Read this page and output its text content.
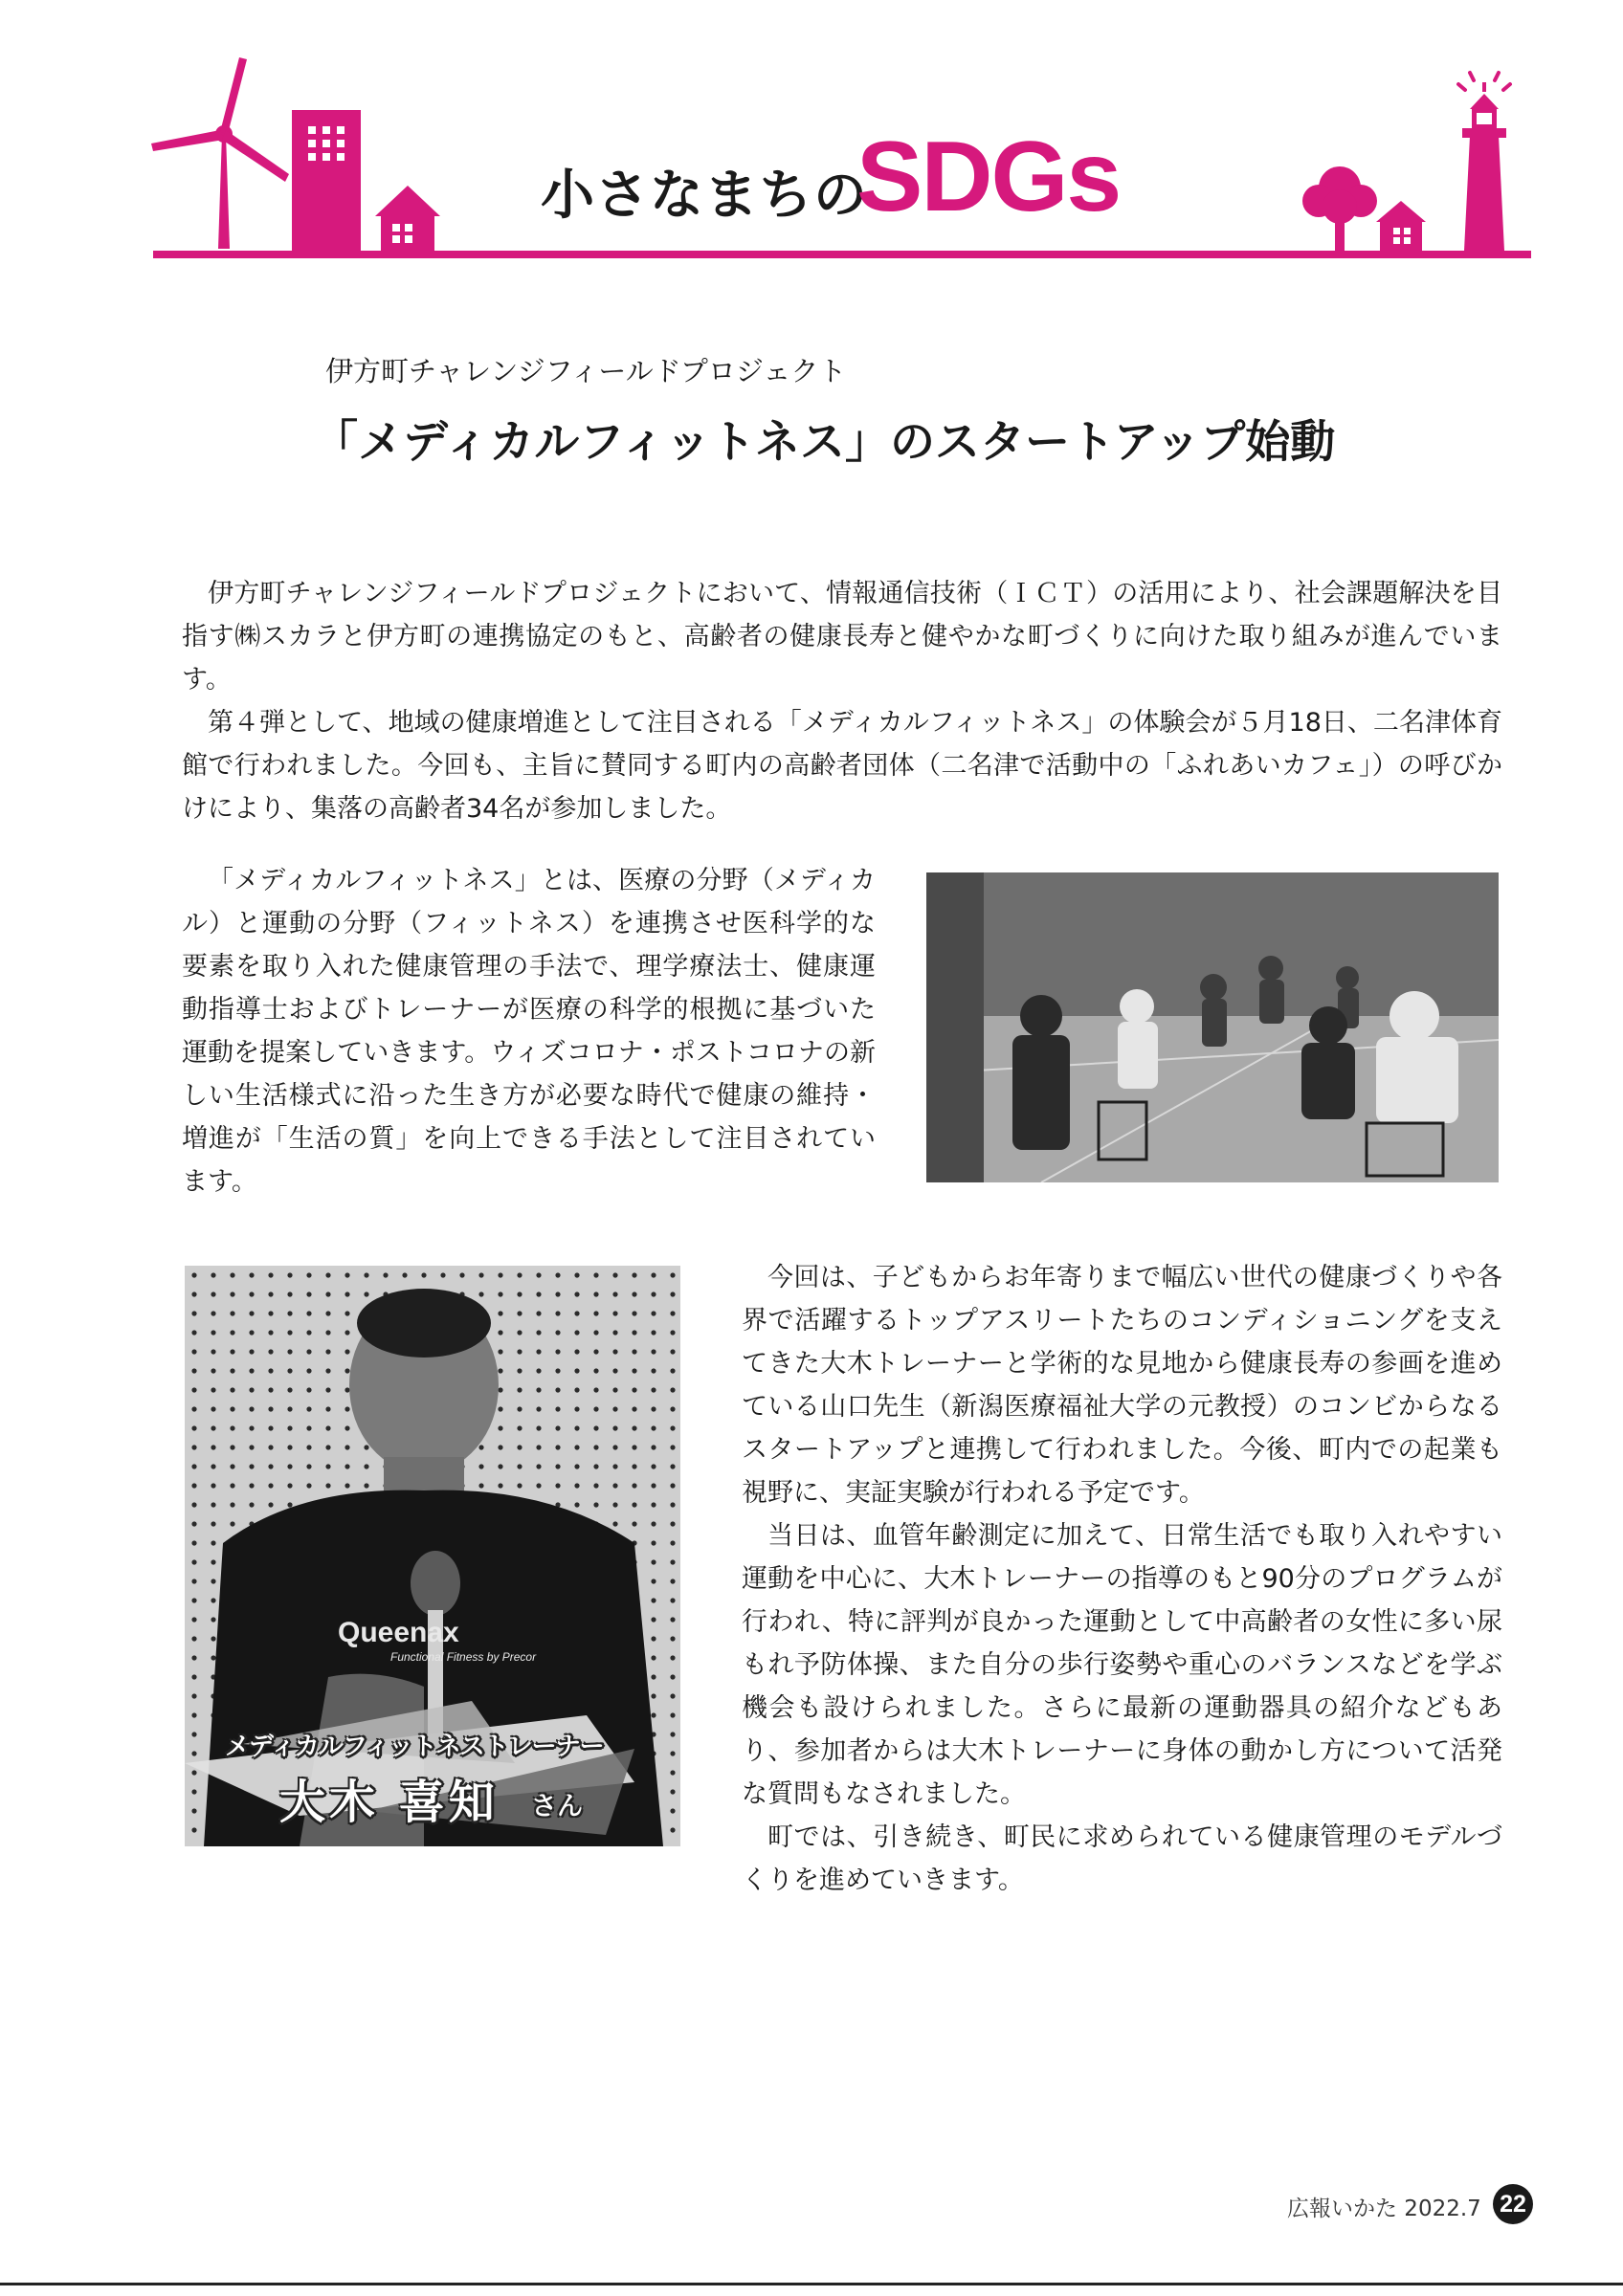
小さなまちの
SDGs
伊方町チャレンジフィールドプロジェクト
「メディカルフィットネス」のスタートアップ始動

伊方町チャレンジフィールドプロジェクトにおいて、情報通信技術（ＩＣＴ）の活用により、社会課題解決を目指す㈱スカラと伊方町の連携協定のもと、高齢者の健康長寿と健やかな町づくりに向けた取り組みが進んでいます。

第４弾として、地域の健康増進として注目される「メディカルフィットネス」の体験会が５月18日、二名津体育館で行われました。今回も、主旨に賛同する町内の高齢者団体（二名津で活動中の「ふれあいカフェ」）の呼びかけにより、集落の高齢者34名が参加しました。

「メディカルフィットネス」とは、医療の分野（メディカル）と運動の分野（フィットネス）を連携させ医科学的な要素を取り入れた健康管理の手法で、理学療法士、健康運動指導士およびトレーナーが医療の科学的根拠に基づいた運動を提案していきます。ウィズコロナ・ポストコロナの新しい生活様式に沿った生き方が必要な時代で健康の維持・増進が「生活の質」を向上できる手法として注目されています。

Queenax
Functional Fitness by Precor
メディカルフィットネストレーナー
大木 喜知 さん

今回は、子どもからお年寄りまで幅広い世代の健康づくりや各界で活躍するトップアスリートたちのコンディショニングを支えてきた大木トレーナーと学術的な見地から健康長寿の参画を進めている山口先生（新潟医療福祉大学の元教授）のコンビからなるスタートアップと連携して行われました。今後、町内での起業も視野に、実証実験が行われる予定です。

当日は、血管年齢測定に加えて、日常生活でも取り入れやすい運動を中心に、大木トレーナーの指導のもと90分のプログラムが行われ、特に評判が良かった運動として中高齢者の女性に多い尿もれ予防体操、また自分の歩行姿勢や重心のバランスなどを学ぶ機会も設けられました。さらに最新の運動器具の紹介などもあり、参加者からは大木トレーナーに身体の動かし方について活発な質問もなされました。

町では、引き続き、町民に求められている健康管理のモデルづくりを進めていきます。

広報いかた 2022.7 22
